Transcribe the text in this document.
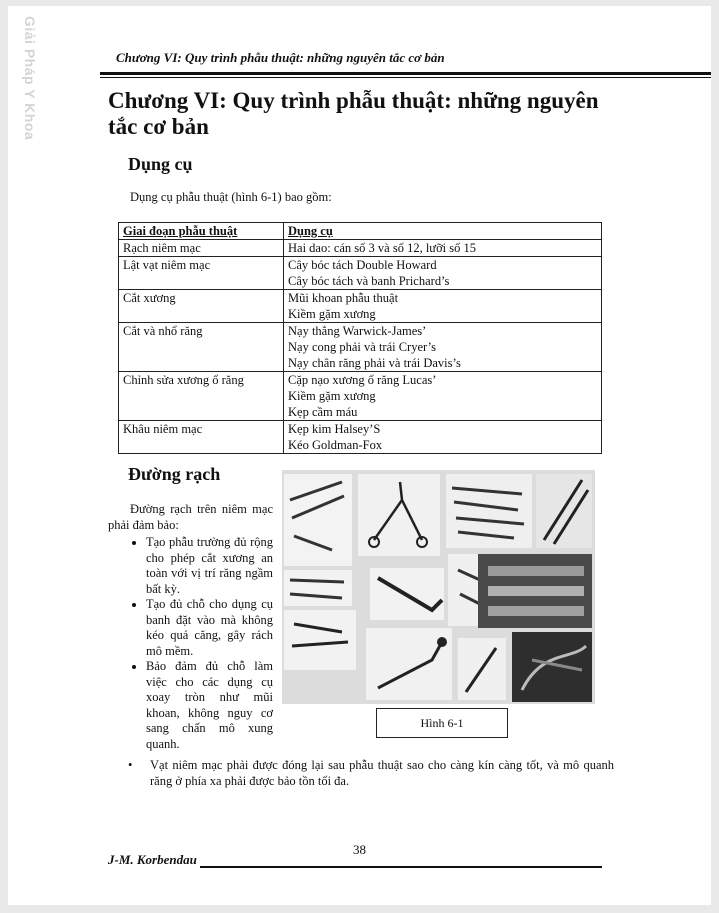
Giải Pháp Y Khoa	Chương VI: Quy trình phẫu thuật: những nguyên tắc cơ bản
Chương VI: Quy trình phẫu thuật: những nguyên tắc cơ bản
Dụng cụ
Dụng cụ phẫu thuật (hình 6-1) bao gồm:
Giai đoạn phẫu thuật	Dụng cụ
Rạch niêm mạc	Hai dao: cán số 3 và số 12, lưỡi số 15

Lật vạt niêm mạc	Cây bóc tách Double Howard
Cây bóc tách và banh Prichard’s

Cắt xương	Mũi khoan phẫu thuật
Kiềm gặm xương

Cắt và nhổ răng	Nạy thẳng Warwick-James’
Nạy cong phải và trái Cryer’s
Nạy chân răng phải và trái Davis’s

Chỉnh sửa xương ổ răng	Cặp nạo xương ổ răng Lucas’
Kiềm gặm xương
Kẹp cầm máu

Khâu niêm mạc	Kẹp kim Halsey’S
Kéo Goldman-Fox
Đường rạch

Đường rạch trên niêm mạc phải đảm bảo:

• Tạo phẫu trường đủ rộng cho phép cắt xương an toàn với vị trí răng ngầm bất kỳ.
• Tạo đủ chỗ cho dụng cụ banh đặt vào mà không kéo quá căng, gây rách mô mềm.
• Bảo đảm đủ chỗ làm việc cho các dụng cụ xoay tròn như mũi khoan, không nguy cơ sang chấn mô xung quanh.
Hình 6-1
• Vạt niêm mạc phải được đóng lại sau phẫu thuật sao cho càng kín càng tốt, và mô quanh răng ở phía xa phải được bảo tồn tối đa.
38
J-M. Korbendau
